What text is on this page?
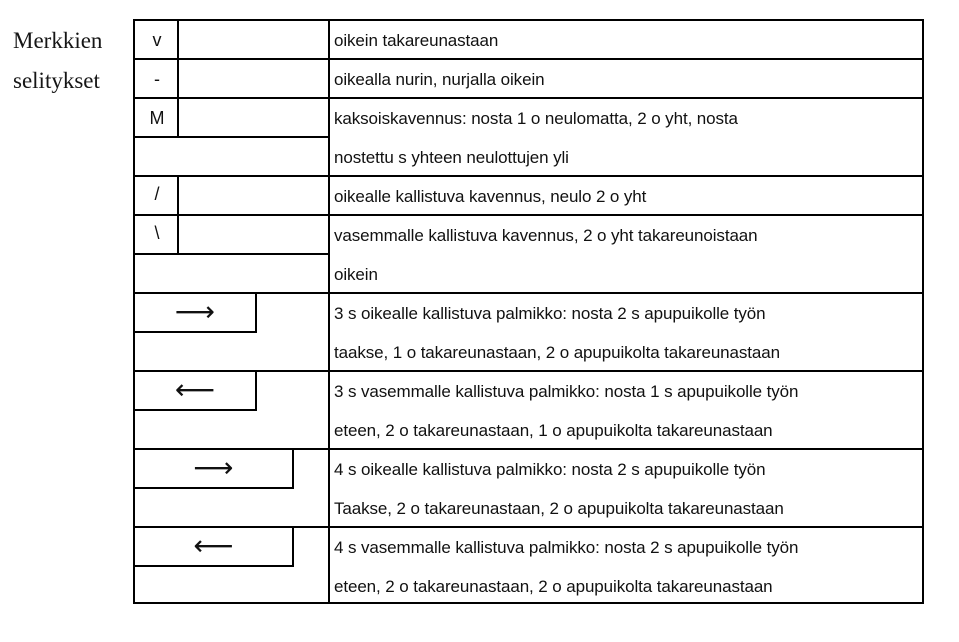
Merkkien
selitykset
v
-
M
/
\
⟶
⟵
⟶
⟵
oikein takareunastaan
oikealla nurin, nurjalla oikein
kaksoiskavennus: nosta 1 o neulomatta, 2 o yht, nosta
nostettu s yhteen neulottujen yli
oikealle kallistuva kavennus, neulo 2 o yht
vasemmalle kallistuva kavennus, 2 o yht takareunoistaan
oikein
3 s oikealle kallistuva palmikko: nosta 2 s apupuikolle työn
taakse, 1 o takareunastaan, 2 o apupuikolta takareunastaan
3 s vasemmalle kallistuva palmikko: nosta 1 s apupuikolle työn
eteen, 2 o takareunastaan, 1 o apupuikolta takareunastaan
4 s oikealle kallistuva palmikko: nosta 2 s apupuikolle työn
Taakse, 2 o takareunastaan, 2 o apupuikolta takareunastaan
4 s vasemmalle kallistuva palmikko: nosta 2 s apupuikolle työn
eteen, 2 o takareunastaan, 2 o apupuikolta takareunastaan
